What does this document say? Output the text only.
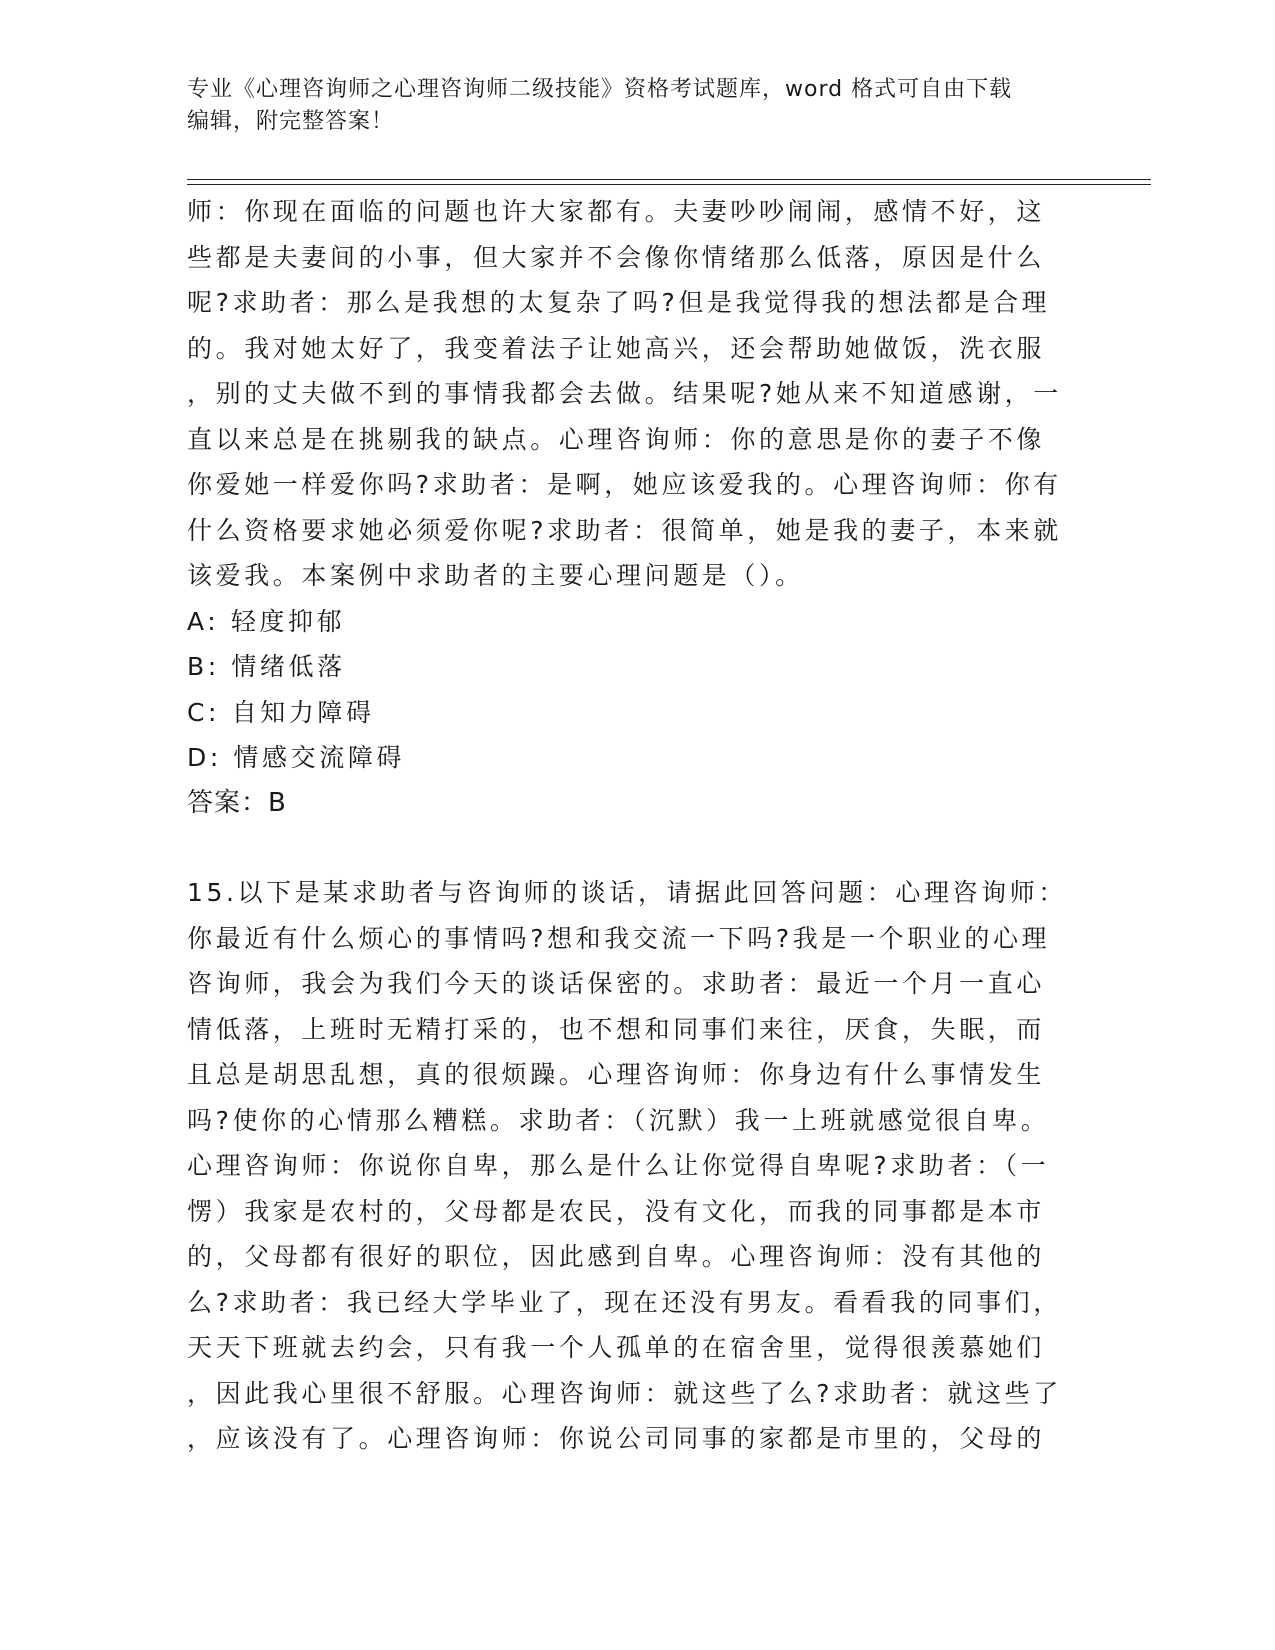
专业《心理咨询师之心理咨询师二级技能》资格考试题库，word 格式可自由下载
编辑，附完整答案！
师：你现在面临的问题也许大家都有。夫妻吵吵闹闹，感情不好，这
些都是夫妻间的小事，但大家并不会像你情绪那么低落，原因是什么
呢?求助者：那么是我想的太复杂了吗?但是我觉得我的想法都是合理
的。我对她太好了，我变着法子让她高兴，还会帮助她做饭，洗衣服
，别的丈夫做不到的事情我都会去做。结果呢?她从来不知道感谢，一
直以来总是在挑剔我的缺点。心理咨询师：你的意思是你的妻子不像
你爱她一样爱你吗?求助者：是啊，她应该爱我的。心理咨询师：你有
什么资格要求她必须爱你呢?求助者：很简单，她是我的妻子，本来就
该爱我。本案例中求助者的主要心理问题是（）。
A: 轻度抑郁
B: 情绪低落
C: 自知力障碍
D: 情感交流障碍
答案：B
15.以下是某求助者与咨询师的谈话，请据此回答问题：心理咨询师：
你最近有什么烦心的事情吗?想和我交流一下吗?我是一个职业的心理
咨询师，我会为我们今天的谈话保密的。求助者：最近一个月一直心
情低落，上班时无精打采的，也不想和同事们来往，厌食，失眠，而
且总是胡思乱想，真的很烦躁。心理咨询师：你身边有什么事情发生
吗?使你的心情那么糟糕。求助者：（沉默）我一上班就感觉很自卑。
心理咨询师：你说你自卑，那么是什么让你觉得自卑呢?求助者：（一
愣）我家是农村的，父母都是农民，没有文化，而我的同事都是本市
的，父母都有很好的职位，因此感到自卑。心理咨询师：没有其他的
么?求助者：我已经大学毕业了，现在还没有男友。看看我的同事们，
天天下班就去约会，只有我一个人孤单的在宿舍里，觉得很羡慕她们
，因此我心里很不舒服。心理咨询师：就这些了么?求助者：就这些了
，应该没有了。心理咨询师：你说公司同事的家都是市里的，父母的
